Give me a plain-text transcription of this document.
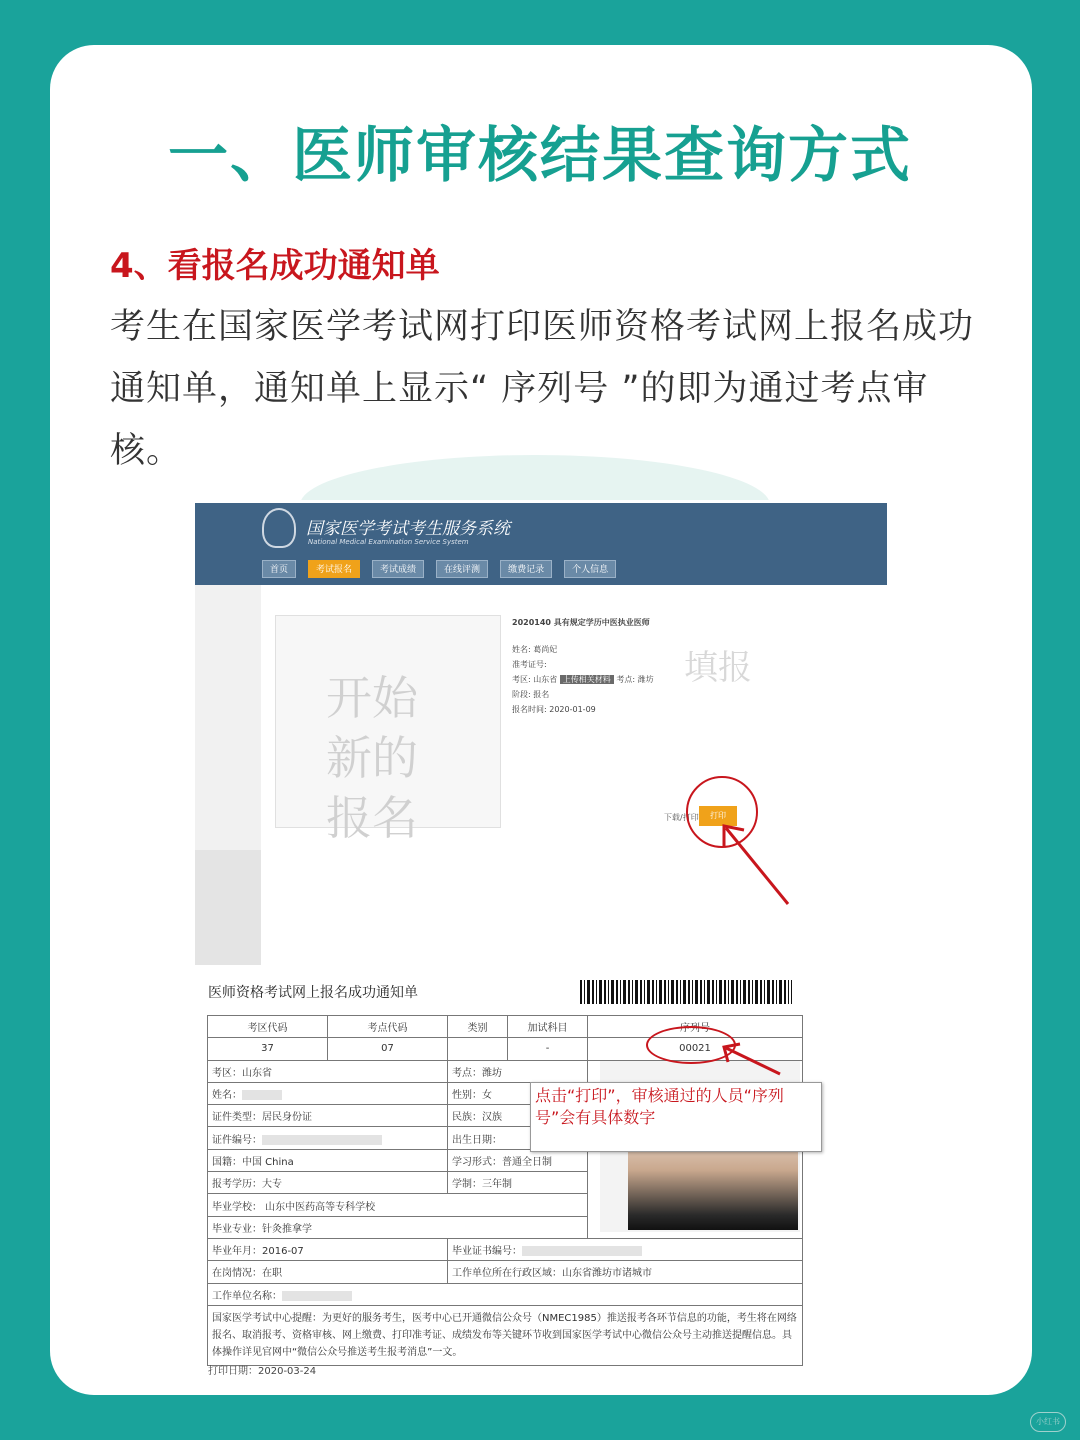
一、医师审核结果查询方式
4、看报名成功通知单
考生在国家医学考试网打印医师资格考试网上报名成功通知单，通知单上显示“ 序列号 ”的即为通过考点审核。
国家医学考试考生服务系统
National Medical Examination Service System
首页	考试报名	考试成绩	在线评测	缴费记录	个人信息
开始新的报名
2020140 具有规定学历中医执业医师
姓名: 葛尚妃
准考证号:
考区: 山东省 上传相关材料 考点: 潍坊
阶段: 报名
报名时间: 2020-01-09
填报
下载/打印	打印
医师资格考试网上报名成功通知单
考区代码	考点代码	类别	加试科目	序列号
37	07		-	00021
考区：山东省		考点：潍坊		
姓名：		性别：女		
证件类型：居民身份证		民族：汉族		
证件编号：		出生日期：		
国籍：中国 China		学习形式：普通全日制		
报考学历：大专		学制：三年制		
毕业学校： 山东中医药高等专科学校				
毕业专业：针灸推拿学				
毕业年月：2016-07		毕业证书编号：		
在岗情况：在职		工作单位所在行政区域：山东省潍坊市诸城市		
工作单位名称：				
国家医学考试中心提醒：为更好的服务考生，医考中心已开通微信公众号（NMEC1985）推送报考各环节信息的功能，考生将在网络报名、取消报考、资格审核、网上缴费、打印准考证、成绩发布等关键环节收到国家医学考试中心微信公众号主动推送提醒信息。具体操作详见官网中“微信公众号推送考生报考消息”一文。				
打印日期：2020-03-24
点击“打印”，审核通过的人员“序列号”会有具体数字
小红书
